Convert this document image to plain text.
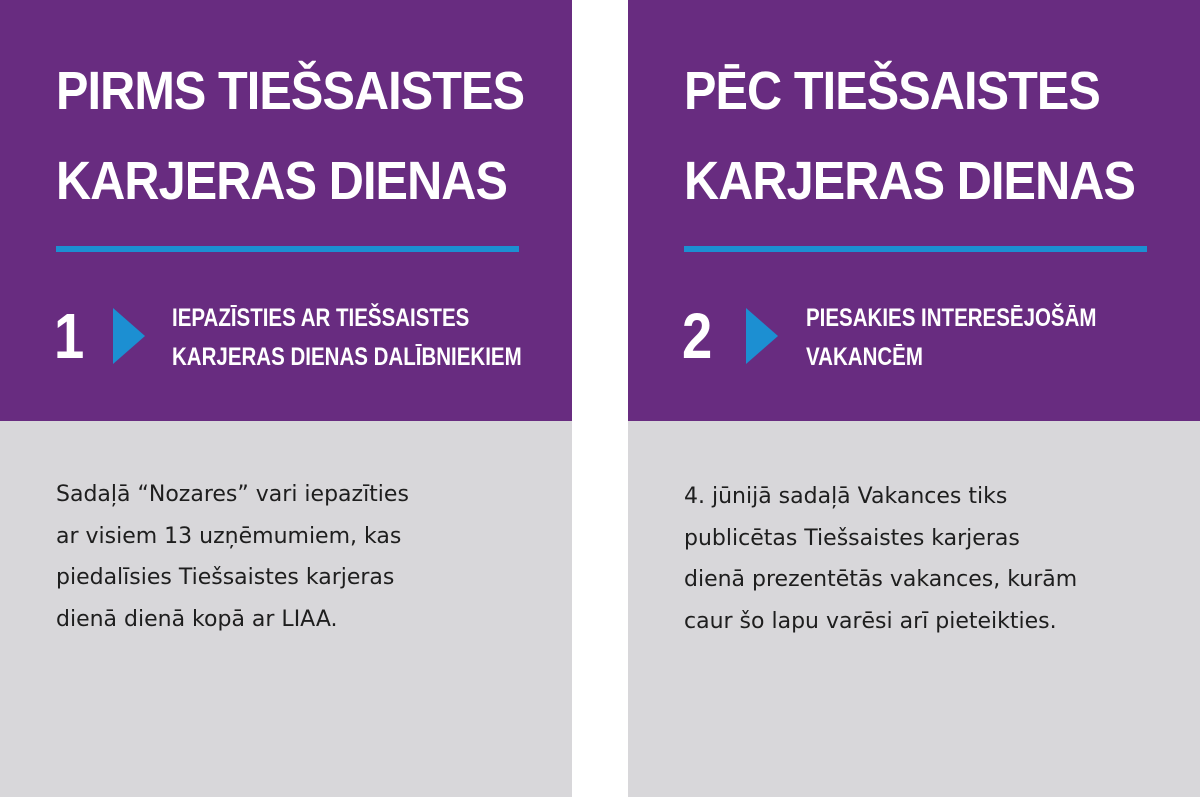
PIRMS TIEŠSAISTES
KARJERAS DIENAS
1	IEPAZĪSTIES AR TIEŠSAISTES
KARJERAS DIENAS DALĪBNIEKIEM

Sadaļā “Nozares” vari iepazīties
ar visiem 13 uzņēmumiem, kas
piedalīsies Tiešsaistes karjeras
dienā dienā kopā ar LIAA.

PĒC TIEŠSAISTES
KARJERAS DIENAS
2	PIESAKIES INTERESĒJOŠĀM
VAKANCĒM

4. jūnijā sadaļā Vakances tiks
publicētas Tiešsaistes karjeras
dienā prezentētās vakances, kurām
caur šo lapu varēsi arī pieteikties.
